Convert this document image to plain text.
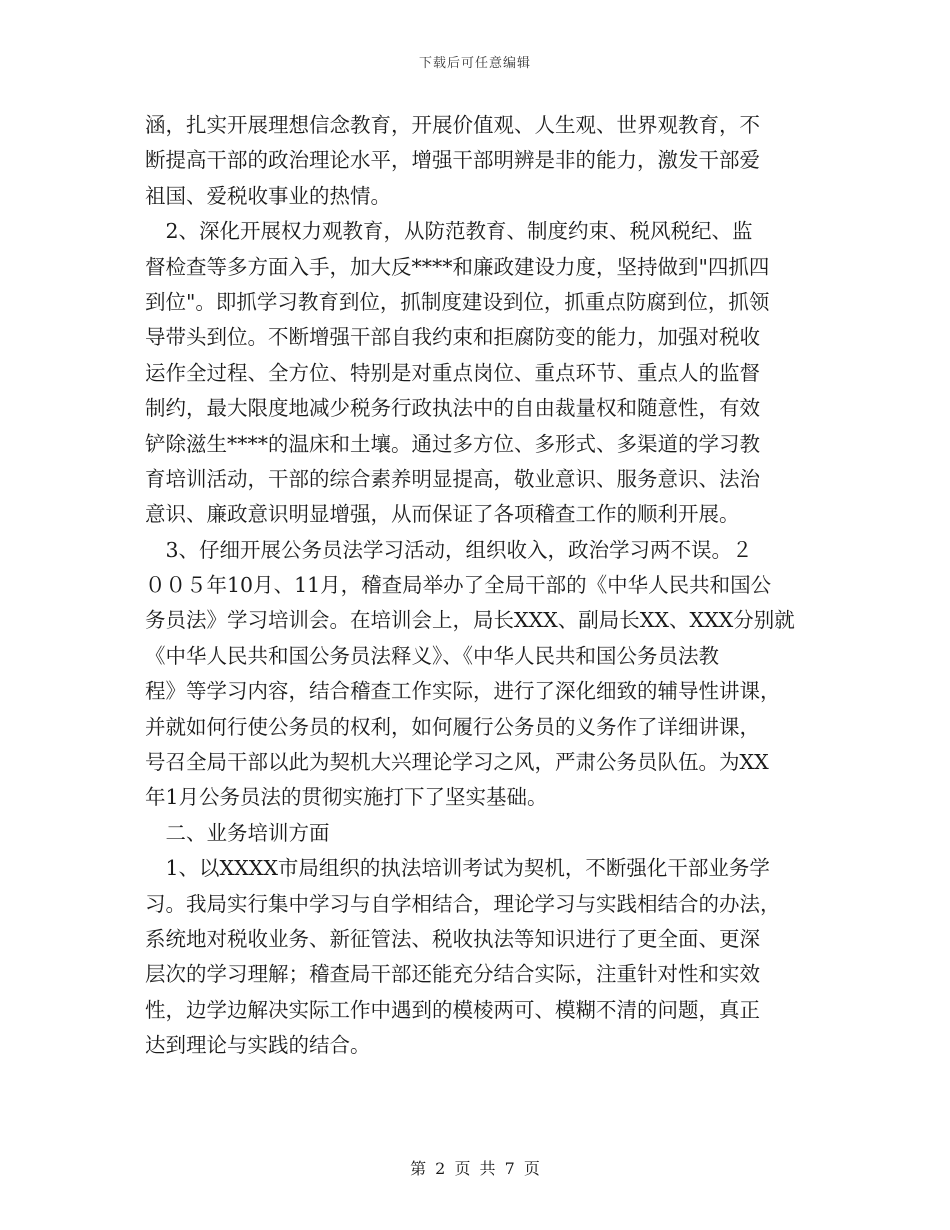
下载后可任意编辑
涵，扎实开展理想信念教育，开展价值观、人生观、世界观教育，不
断提高干部的政治理论水平，增强干部明辨是非的能力，激发干部爱
祖国、爱税收事业的热情。
　2、深化开展权力观教育，从防范教育、制度约束、税风税纪、监
督检查等多方面入手，加大反****和廉政建设力度，坚持做到"四抓四
到位"。即抓学习教育到位，抓制度建设到位，抓重点防腐到位，抓领
导带头到位。不断增强干部自我约束和拒腐防变的能力，加强对税收
运作全过程、全方位、特别是对重点岗位、重点环节、重点人的监督
制约，最大限度地减少税务行政执法中的自由裁量权和随意性，有效
铲除滋生****的温床和土壤。通过多方位、多形式、多渠道的学习教
育培训活动，干部的综合素养明显提高，敬业意识、服务意识、法治
意识、廉政意识明显增强，从而保证了各项稽查工作的顺利开展。
　3、仔细开展公务员法学习活动，组织收入，政治学习两不误。２
００５年10月、11月，稽查局举办了全局干部的《中华人民共和国公
务员法》学习培训会。在培训会上，局长XXX、副局长XX、XXX分别就
《中华人民共和国公务员法释义》、《中华人民共和国公务员法教
程》等学习内容，结合稽查工作实际，进行了深化细致的辅导性讲课，
并就如何行使公务员的权利，如何履行公务员的义务作了详细讲课，
号召全局干部以此为契机大兴理论学习之风，严肃公务员队伍。为XX
年1月公务员法的贯彻实施打下了坚实基础。
　二、业务培训方面
　1、以XXXX市局组织的执法培训考试为契机，不断强化干部业务学
习。我局实行集中学习与自学相结合，理论学习与实践相结合的办法，
系统地对税收业务、新征管法、税收执法等知识进行了更全面、更深
层次的学习理解；稽查局干部还能充分结合实际，注重针对性和实效
性，边学边解决实际工作中遇到的模棱两可、模糊不清的问题，真正
达到理论与实践的结合。
第 2 页 共 7 页
